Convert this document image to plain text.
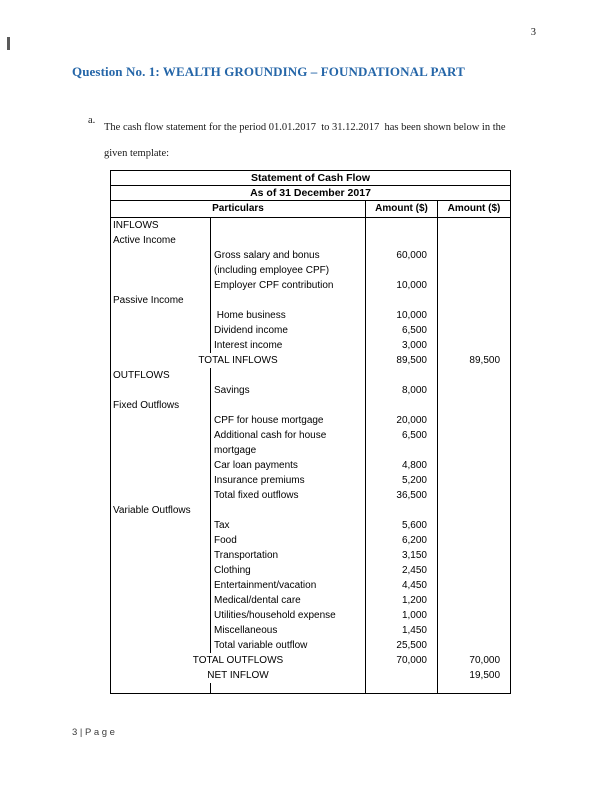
3
Question No. 1: WEALTH GROUNDING – FOUNDATIONAL PART
a.
The cash flow statement for the period 01.01.2017  to 31.12.2017  has been shown below in the
given template:
Statement of Cash Flow			
As of 31 December 2017			
Particulars		Amount ($)	Amount ($)
INFLOWS			
Active Income			
	Gross salary and bonus	60,000	
	(including employee CPF)		
	Employer CPF contribution	10,000	
Passive Income			
	Home business	10,000	
	Dividend income	6,500	
	Interest income	3,000	
TOTAL INFLOWS		89,500	89,500
OUTFLOWS			
	Savings	8,000	
Fixed Outflows			
	CPF for house mortgage	20,000	
	Additional cash for house	6,500	
	mortgage		
	Car loan payments	4,800	
	Insurance premiums	5,200	
	Total fixed outflows	36,500	
Variable Outflows			
	Tax	5,600	
	Food	6,200	
	Transportation	3,150	
	Clothing	2,450	
	Entertainment/vacation	4,450	
	Medical/dental care	1,200	
	Utilities/household expense	1,000	
	Miscellaneous	1,450	
	Total variable outflow	25,500	
TOTAL OUTFLOWS		70,000	70,000
NET INFLOW			19,500

3 | P a g e
